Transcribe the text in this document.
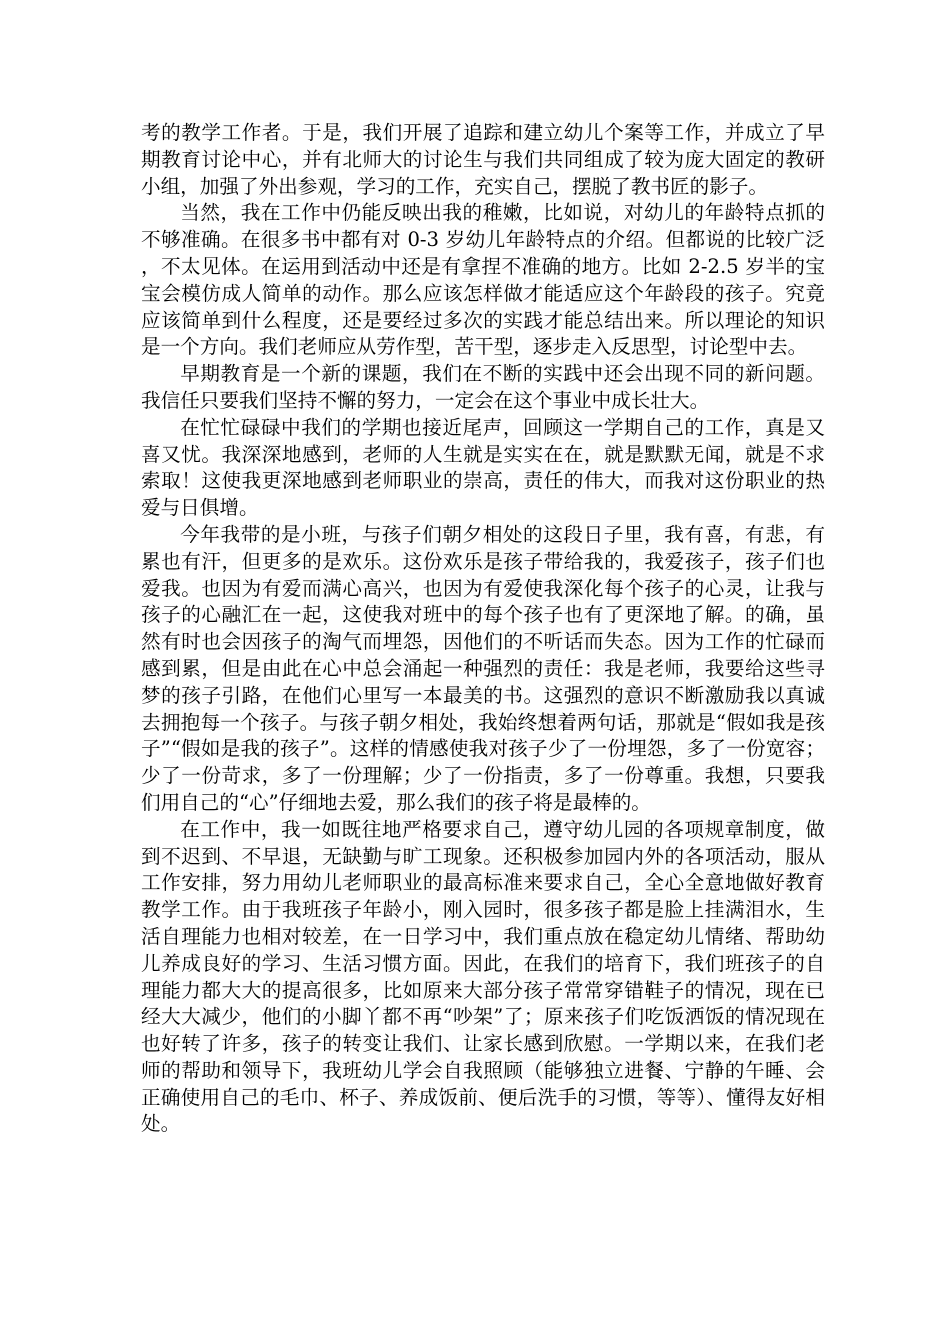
考的教学工作者。于是，我们开展了追踪和建立幼儿个案等工作，并成立了早期教育讨论中心，并有北师大的讨论生与我们共同组成了较为庞大固定的教研小组，加强了外出参观，学习的工作，充实自己，摆脱了教书匠的影子。

当然，我在工作中仍能反映出我的稚嫩，比如说，对幼儿的年龄特点抓的不够准确。在很多书中都有对 0-3 岁幼儿年龄特点的介绍。但都说的比较广泛，不太见体。在运用到活动中还是有拿捏不准确的地方。比如 2-2.5 岁半的宝宝会模仿成人简单的动作。那么应该怎样做才能适应这个年龄段的孩子。究竟应该简单到什么程度，还是要经过多次的实践才能总结出来。所以理论的知识是一个方向。我们老师应从劳作型，苦干型，逐步走入反思型，讨论型中去。

早期教育是一个新的课题，我们在不断的实践中还会出现不同的新问题。我信任只要我们坚持不懈的努力，一定会在这个事业中成长壮大。

在忙忙碌碌中我们的学期也接近尾声，回顾这一学期自己的工作，真是又喜又忧。我深深地感到，老师的人生就是实实在在，就是默默无闻，就是不求索取！这使我更深地感到老师职业的崇高，责任的伟大，而我对这份职业的热爱与日俱增。

今年我带的是小班，与孩子们朝夕相处的这段日子里，我有喜，有悲，有累也有汗，但更多的是欢乐。这份欢乐是孩子带给我的，我爱孩子，孩子们也爱我。也因为有爱而满心高兴，也因为有爱使我深化每个孩子的心灵，让我与孩子的心融汇在一起，这使我对班中的每个孩子也有了更深地了解。的确，虽然有时也会因孩子的淘气而埋怨，因他们的不听话而失态。因为工作的忙碌而感到累，但是由此在心中总会涌起一种强烈的责任：我是老师，我要给这些寻梦的孩子引路，在他们心里写一本最美的书。这强烈的意识不断激励我以真诚去拥抱每一个孩子。与孩子朝夕相处，我始终想着两句话，那就是“假如我是孩子”“假如是我的孩子”。这样的情感使我对孩子少了一份埋怨，多了一份宽容；少了一份苛求，多了一份理解；少了一份指责，多了一份尊重。我想，只要我们用自己的“心”仔细地去爱，那么我们的孩子将是最棒的。

在工作中，我一如既往地严格要求自己，遵守幼儿园的各项规章制度，做到不迟到、不早退，无缺勤与旷工现象。还积极参加园内外的各项活动，服从工作安排，努力用幼儿老师职业的最高标准来要求自己，全心全意地做好教育教学工作。由于我班孩子年龄小，刚入园时，很多孩子都是脸上挂满泪水，生活自理能力也相对较差，在一日学习中，我们重点放在稳定幼儿情绪、帮助幼儿养成良好的学习、生活习惯方面。因此，在我们的培育下，我们班孩子的自理能力都大大的提高很多，比如原来大部分孩子常常穿错鞋子的情况，现在已经大大减少，他们的小脚丫都不再“吵架”了；原来孩子们吃饭洒饭的情况现在也好转了许多，孩子的转变让我们、让家长感到欣慰。一学期以来，在我们老师的帮助和领导下，我班幼儿学会自我照顾（能够独立进餐、宁静的午睡、会正确使用自己的毛巾、杯子、养成饭前、便后洗手的习惯，等等）、懂得友好相处。
